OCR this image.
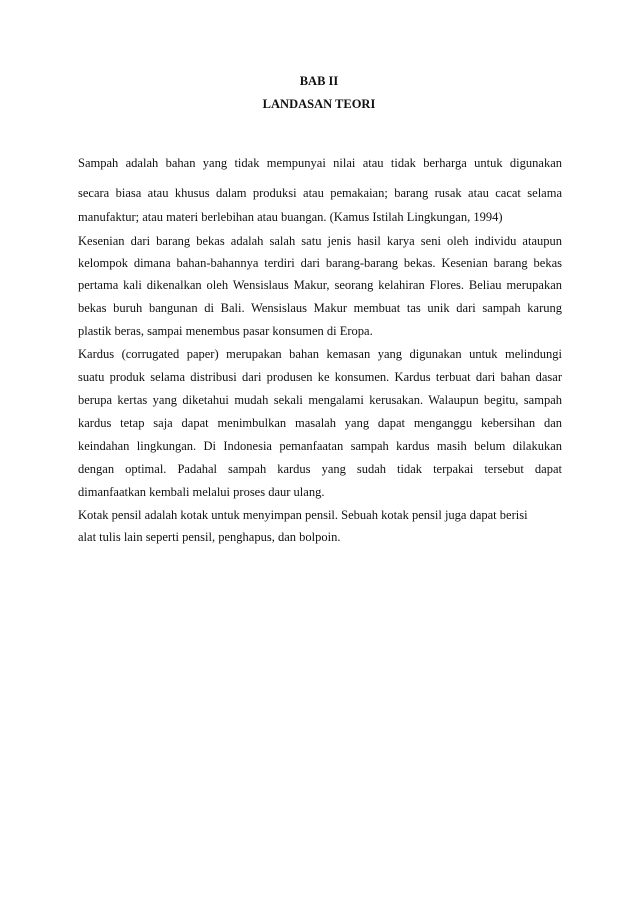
BAB II
LANDASAN TEORI
Sampah adalah bahan yang tidak mempunyai nilai atau tidak berharga untuk digunakan
secara biasa atau khusus dalam produksi atau pemakaian; barang rusak atau cacat selama
manufaktur; atau materi berlebihan atau buangan. (Kamus Istilah Lingkungan, 1994)
Kesenian dari barang bekas adalah salah satu jenis hasil karya seni oleh individu ataupun
kelompok dimana bahan-bahannya terdiri dari barang-barang bekas. Kesenian barang bekas
pertama kali dikenalkan oleh Wensislaus Makur, seorang kelahiran Flores. Beliau merupakan
bekas buruh bangunan di Bali. Wensislaus Makur membuat tas unik dari sampah karung
plastik beras, sampai menembus pasar konsumen di Eropa.
Kardus (corrugated paper) merupakan bahan kemasan yang digunakan untuk melindungi
suatu produk selama distribusi dari produsen ke konsumen. Kardus terbuat dari bahan dasar
berupa kertas yang diketahui mudah sekali mengalami kerusakan. Walaupun begitu, sampah
kardus tetap saja dapat menimbulkan masalah yang dapat menganggu kebersihan dan
keindahan lingkungan. Di Indonesia pemanfaatan sampah kardus masih belum dilakukan
dengan optimal. Padahal sampah kardus yang sudah tidak terpakai tersebut dapat
dimanfaatkan kembali melalui proses daur ulang.
Kotak pensil adalah kotak untuk menyimpan pensil. Sebuah kotak pensil juga dapat berisi
alat tulis lain seperti pensil, penghapus, dan bolpoin.
